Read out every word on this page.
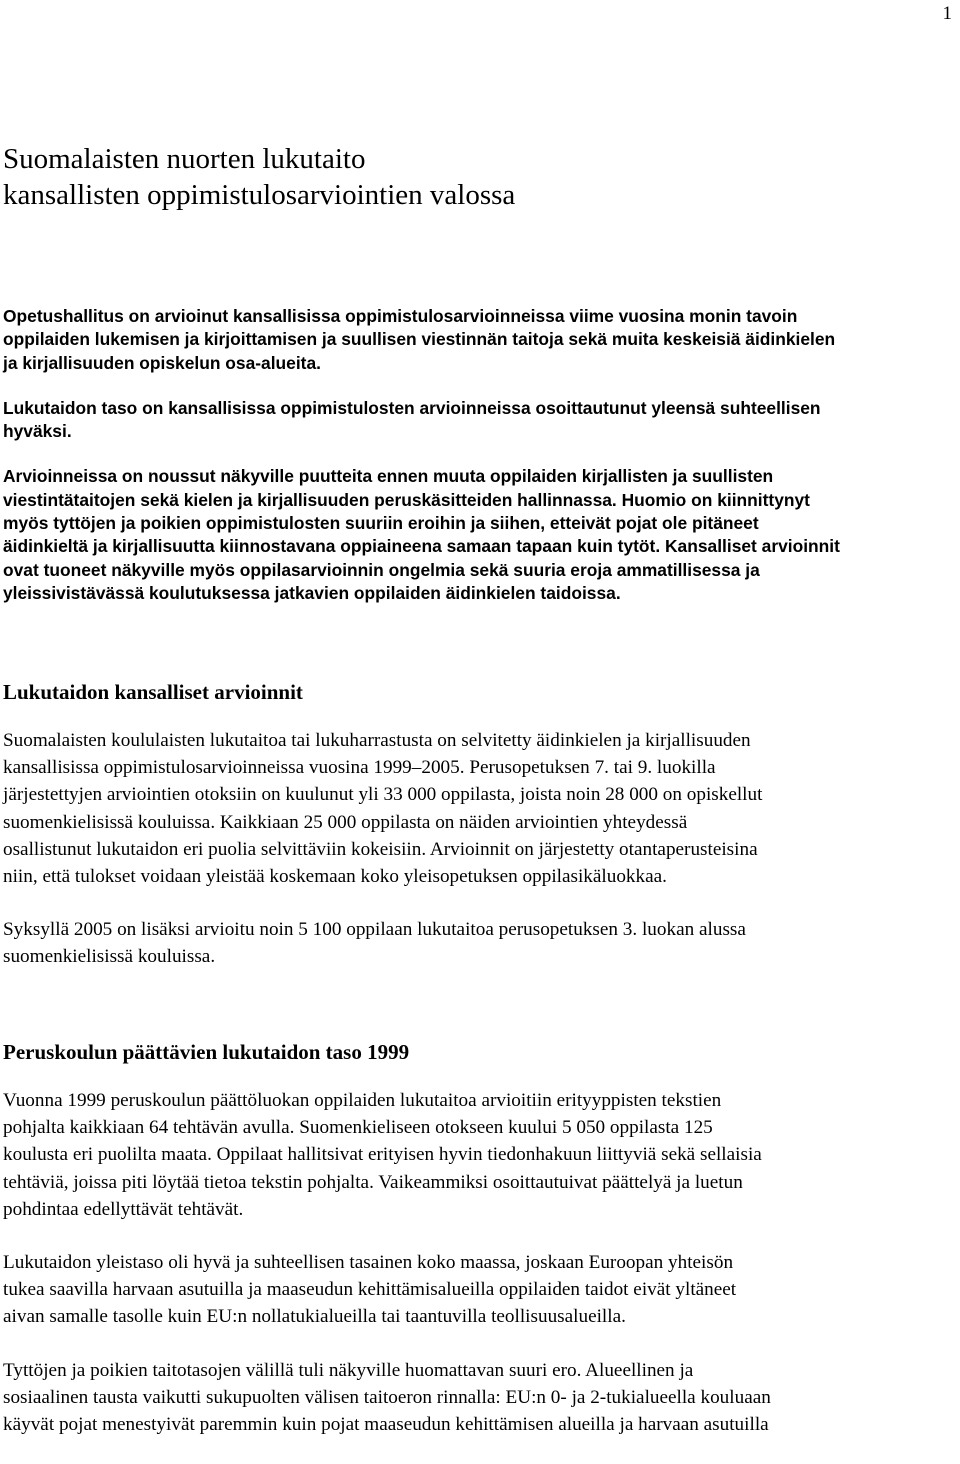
1
Suomalaisten nuorten lukutaito
kansallisten oppimistulosarviointien valossa

Opetushallitus on arvioinut kansallisissa oppimistulosarvioinneissa viime vuosina monin tavoin
oppilaiden lukemisen ja kirjoittamisen ja suullisen viestinnän taitoja sekä muita keskeisiä äidinkielen
ja kirjallisuuden opiskelun osa-alueita.

Lukutaidon taso on kansallisissa oppimistulosten arvioinneissa osoittautunut yleensä suhteellisen
hyväksi.

Arvioinneissa on noussut näkyville puutteita ennen muuta oppilaiden kirjallisten ja suullisten
viestintätaitojen sekä kielen ja kirjallisuuden peruskäsitteiden hallinnassa. Huomio on kiinnittynyt
myös tyttöjen ja poikien oppimistulosten suuriin eroihin ja siihen, etteivät pojat ole pitäneet
äidinkieltä ja kirjallisuutta kiinnostavana oppiaineena samaan tapaan kuin tytöt. Kansalliset arvioinnit
ovat tuoneet näkyville myös oppilasarvioinnin ongelmia sekä suuria eroja ammatillisessa ja
yleissivistävässä koulutuksessa jatkavien oppilaiden äidinkielen taidoissa.

Lukutaidon kansalliset arvioinnit

Suomalaisten koululaisten lukutaitoa tai lukuharrastusta on selvitetty äidinkielen ja kirjallisuuden
kansallisissa oppimistulosarvioinneissa vuosina 1999–2005. Perusopetuksen 7. tai 9. luokilla
järjestettyjen arviointien otoksiin on kuulunut yli 33 000 oppilasta, joista noin 28 000 on opiskellut
suomenkielisissä kouluissa. Kaikkiaan 25 000 oppilasta on näiden arviointien yhteydessä
osallistunut lukutaidon eri puolia selvittäviin kokeisiin. Arvioinnit on järjestetty otantaperusteisina
niin, että tulokset voidaan yleistää koskemaan koko yleisopetuksen oppilasikäluokkaa.

Syksyllä 2005 on lisäksi arvioitu noin 5 100 oppilaan lukutaitoa perusopetuksen 3. luokan alussa
suomenkielisissä kouluissa.

Peruskoulun päättävien lukutaidon taso 1999

Vuonna 1999 peruskoulun päättöluokan oppilaiden lukutaitoa arvioitiin erityyppisten tekstien
pohjalta kaikkiaan 64 tehtävän avulla. Suomenkieliseen otokseen kuului 5 050 oppilasta 125
koulusta eri puolilta maata. Oppilaat hallitsivat erityisen hyvin tiedonhakuun liittyviä sekä sellaisia
tehtäviä, joissa piti löytää tietoa tekstin pohjalta. Vaikeammiksi osoittautuivat päättelyä ja luetun
pohdintaa edellyttävät tehtävät.

Lukutaidon yleistaso oli hyvä ja suhteellisen tasainen koko maassa, joskaan Euroopan yhteisön
tukea saavilla harvaan asutuilla ja maaseudun kehittämisalueilla oppilaiden taidot eivät yltäneet
aivan samalle tasolle kuin EU:n nollatukialueilla tai taantuvilla teollisuusalueilla.

Tyttöjen ja poikien taitotasojen välillä tuli näkyville huomattavan suuri ero. Alueellinen ja
sosiaalinen tausta vaikutti sukupuolten välisen taitoeron rinnalla: EU:n 0- ja 2-tukialueella kouluaan
käyvät pojat menestyivät paremmin kuin pojat maaseudun kehittämisen alueilla ja harvaan asutuilla
